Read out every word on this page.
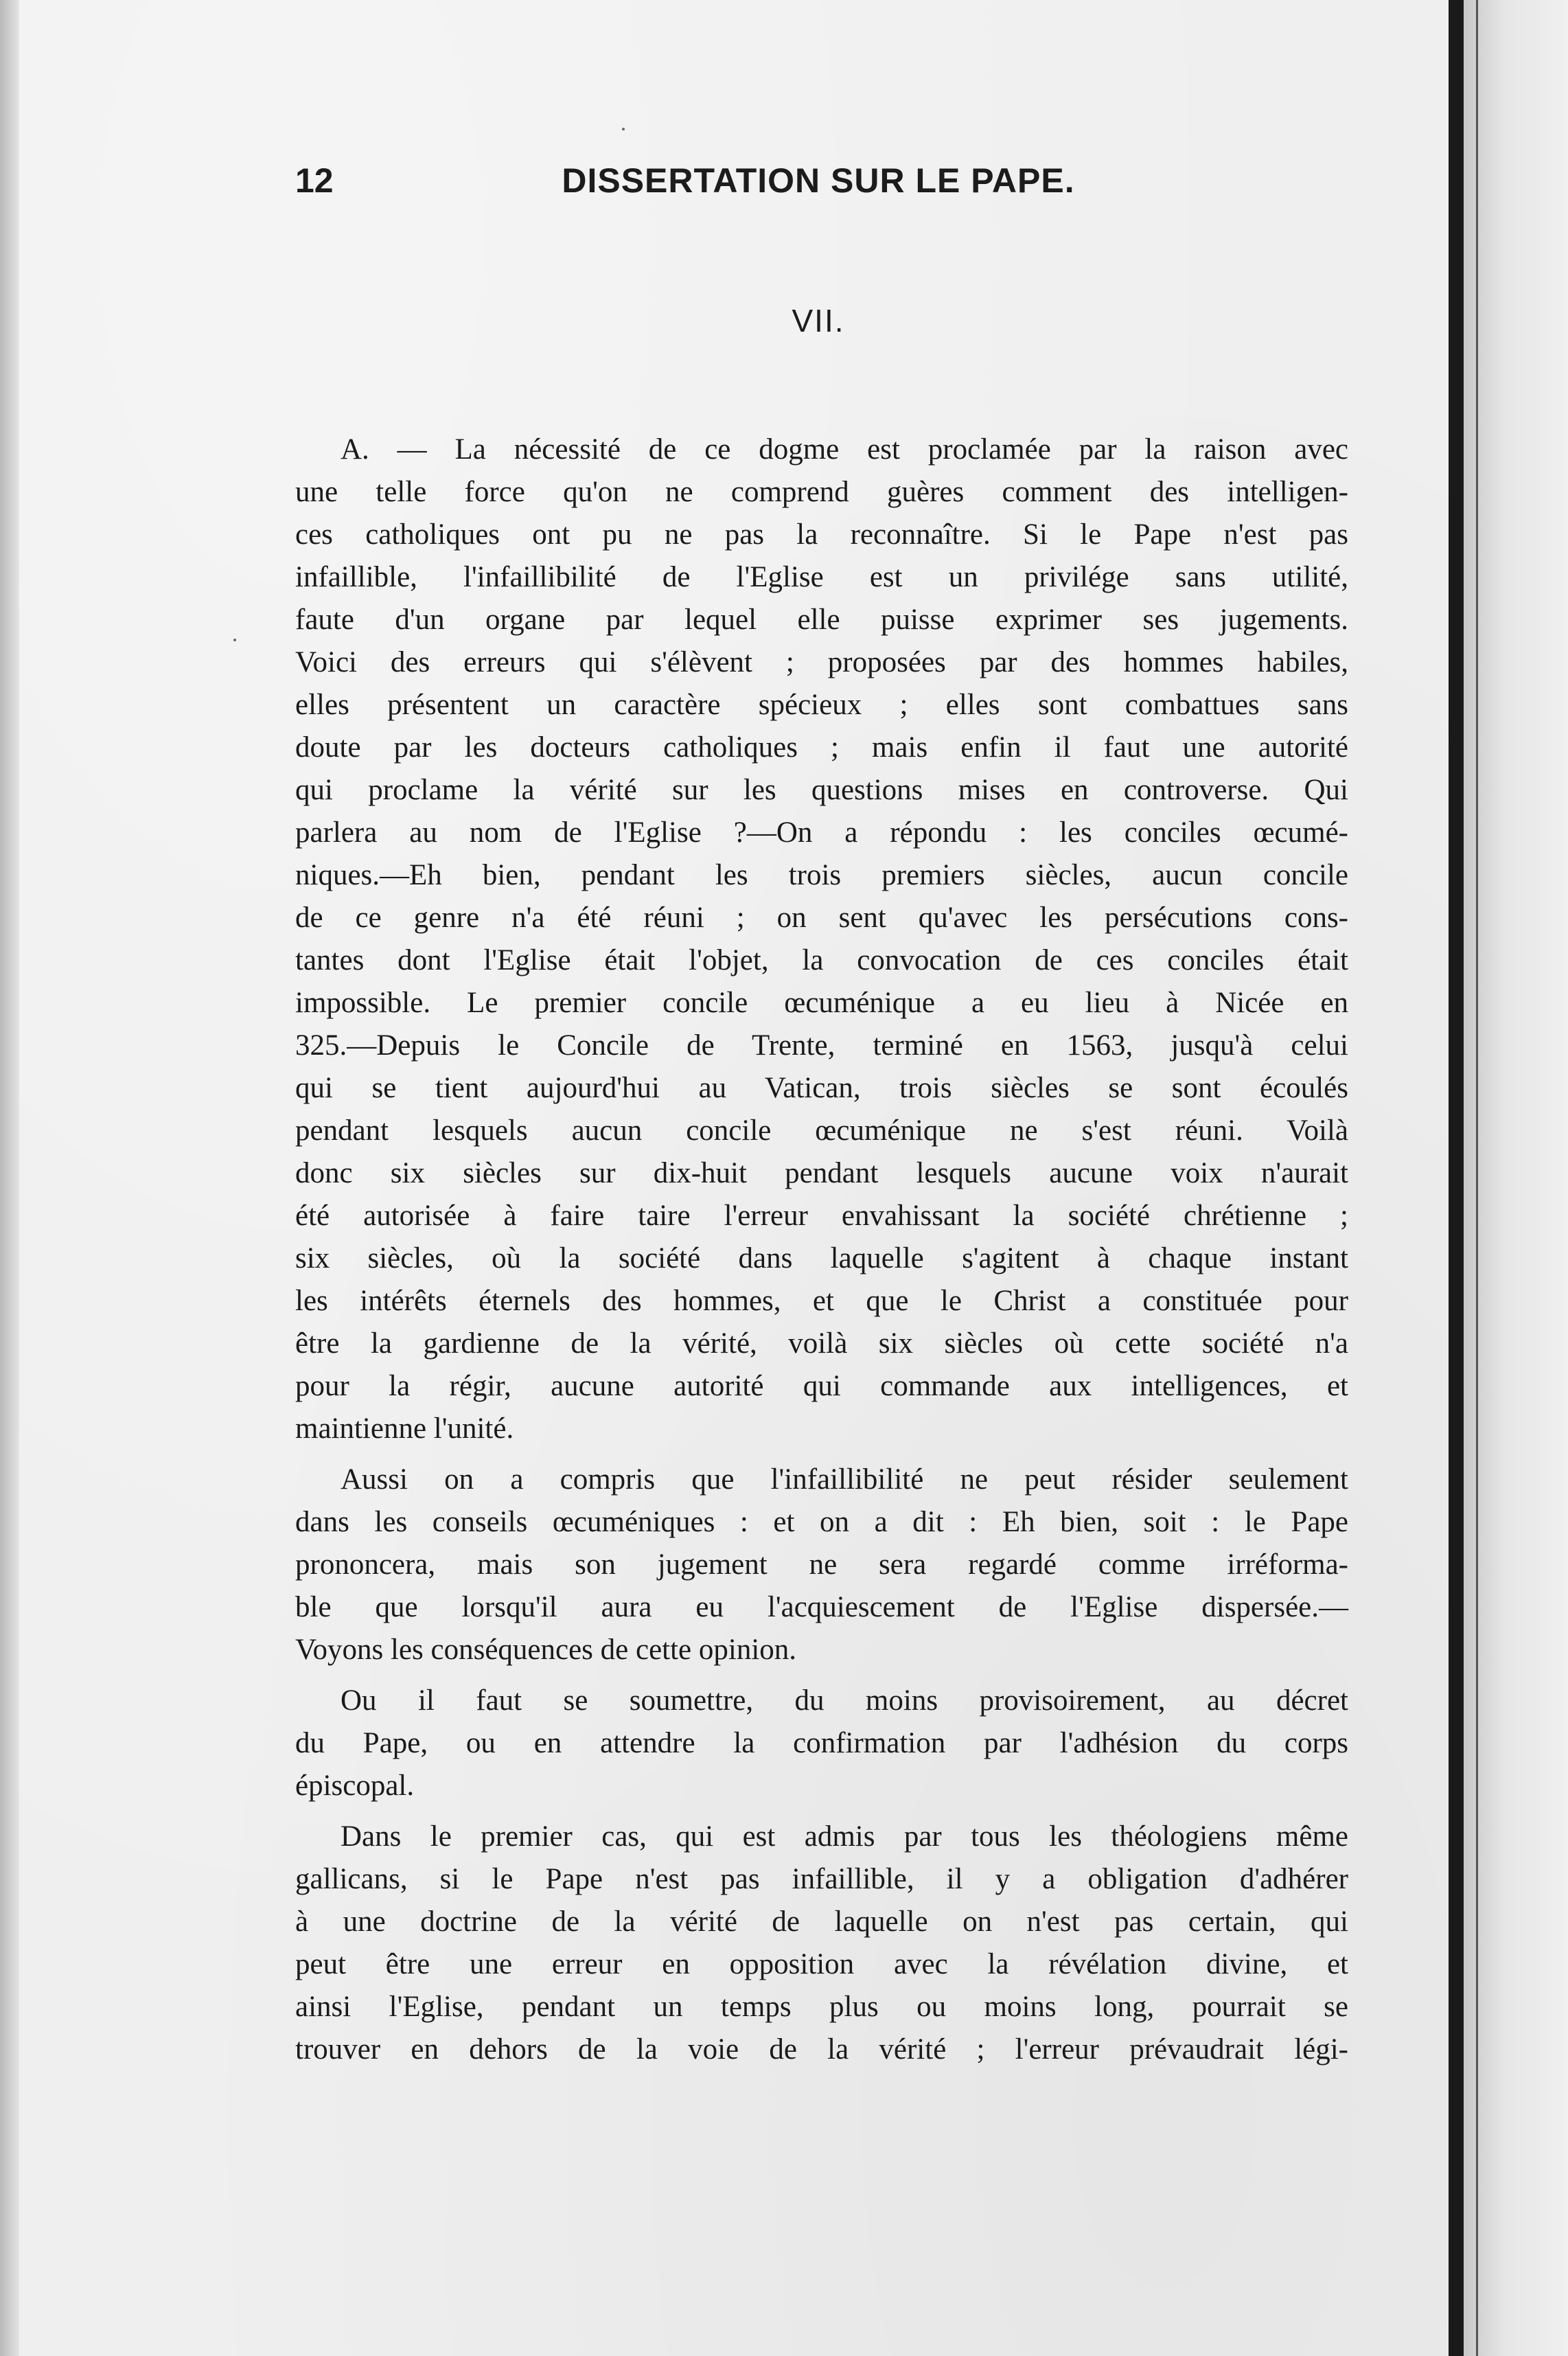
12	DISSERTATION SUR LE PAPE.
VII.
A. — La nécessité de ce dogme est proclamée par la raison avec
une telle force qu'on ne comprend guères comment des intelligen-
ces catholiques ont pu ne pas la reconnaître. Si le Pape n'est pas
infaillible, l'infaillibilité de l'Eglise est un privilége sans utilité,
faute d'un organe par lequel elle puisse exprimer ses jugements.
Voici des erreurs qui s'élèvent ; proposées par des hommes habiles,
elles présentent un caractère spécieux ; elles sont combattues sans
doute par les docteurs catholiques ; mais enfin il faut une autorité
qui proclame la vérité sur les questions mises en controverse. Qui
parlera au nom de l'Eglise ?—On a répondu : les conciles œcumé-
niques.—Eh bien, pendant les trois premiers siècles, aucun concile
de ce genre n'a été réuni ; on sent qu'avec les persécutions cons-
tantes dont l'Eglise était l'objet, la convocation de ces conciles était
impossible. Le premier concile œcuménique a eu lieu à Nicée en
325.—Depuis le Concile de Trente, terminé en 1563, jusqu'à celui
qui se tient aujourd'hui au Vatican, trois siècles se sont écoulés
pendant lesquels aucun concile œcuménique ne s'est réuni. Voilà
donc six siècles sur dix-huit pendant lesquels aucune voix n'aurait
été autorisée à faire taire l'erreur envahissant la société chrétienne ;
six siècles, où la société dans laquelle s'agitent à chaque instant
les intérêts éternels des hommes, et que le Christ a constituée pour
être la gardienne de la vérité, voilà six siècles où cette société n'a
pour la régir, aucune autorité qui commande aux intelligences, et
maintienne l'unité.
Aussi on a compris que l'infaillibilité ne peut résider seulement
dans les conseils œcuméniques : et on a dit : Eh bien, soit : le Pape
prononcera, mais son jugement ne sera regardé comme irréforma-
ble que lorsqu'il aura eu l'acquiescement de l'Eglise dispersée.—
Voyons les conséquences de cette opinion.
Ou il faut se soumettre, du moins provisoirement, au décret
du Pape, ou en attendre la confirmation par l'adhésion du corps
épiscopal.
Dans le premier cas, qui est admis par tous les théologiens même
gallicans, si le Pape n'est pas infaillible, il y a obligation d'adhérer
à une doctrine de la vérité de laquelle on n'est pas certain, qui
peut être une erreur en opposition avec la révélation divine, et
ainsi l'Eglise, pendant un temps plus ou moins long, pourrait se
trouver en dehors de la voie de la vérité ; l'erreur prévaudrait légi-
